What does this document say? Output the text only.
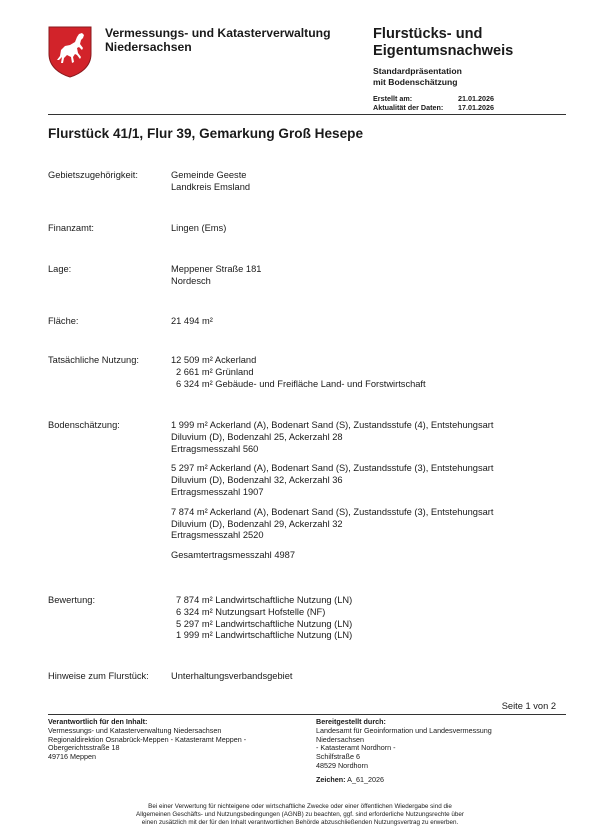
Vermessungs- und Katasterverwaltung
Niedersachsen
Flurstücks- und
Eigentumsnachweis
Standardpräsentation
mit Bodenschätzung
Erstellt am:	21.01.2026
Aktualität der Daten: 17.01.2026
Flurstück 41/1, Flur 39, Gemarkung Groß Hesepe
Gebietszugehörigkeit:	Gemeinde Geeste
Landkreis Emsland
Finanzamt:	Lingen (Ems)
Lage:	Meppener Straße 181
Nordesch
Fläche:	21 494 m²
Tatsächliche Nutzung:	12 509 m² Ackerland
2 661 m² Grünland
6 324 m² Gebäude- und Freifläche Land- und Forstwirtschaft
Bodenschätzung:	1 999 m² Ackerland (A), Bodenart Sand (S), Zustandsstufe (4), Entstehungsart
Diluvium (D), Bodenzahl 25, Ackerzahl 28
Ertragsmesszahl 560
5 297 m² Ackerland (A), Bodenart Sand (S), Zustandsstufe (3), Entstehungsart
Diluvium (D), Bodenzahl 32, Ackerzahl 36
Ertragsmesszahl 1907
7 874 m² Ackerland (A), Bodenart Sand (S), Zustandsstufe (3), Entstehungsart
Diluvium (D), Bodenzahl 29, Ackerzahl 32
Ertragsmesszahl 2520
Gesamtertragsmesszahl 4987
Bewertung:	7 874 m² Landwirtschaftliche Nutzung (LN)
6 324 m² Nutzungsart Hofstelle (NF)
5 297 m² Landwirtschaftliche Nutzung (LN)
1 999 m² Landwirtschaftliche Nutzung (LN)
Hinweise zum Flurstück: Unterhaltungsverbandsgebiet
Seite 1 von 2
Verantwortlich für den Inhalt:
Vermessungs- und Katasterverwaltung Niedersachsen
Regionaldirektion Osnabrück-Meppen - Katasteramt Meppen -
Obergerichtsstraße 18
49716 Meppen
Bereitgestellt durch:
Landesamt für Geoinformation und Landesvermessung
Niedersachsen
- Katasteramt Nordhorn -
Schilfstraße 6
48529 Nordhorn
Zeichen: A_61_2026
Bei einer Verwertung für nichteigene oder wirtschaftliche Zwecke oder einer öffentlichen Wiedergabe sind die
Allgemeinen Geschäfts- und Nutzungsbedingungen (AGNB) zu beachten, ggf. sind erforderliche Nutzungsrechte über
einen zusätzlich mit der für den Inhalt verantwortlichen Behörde abzuschließenden Nutzungsvertrag zu erwerben.
